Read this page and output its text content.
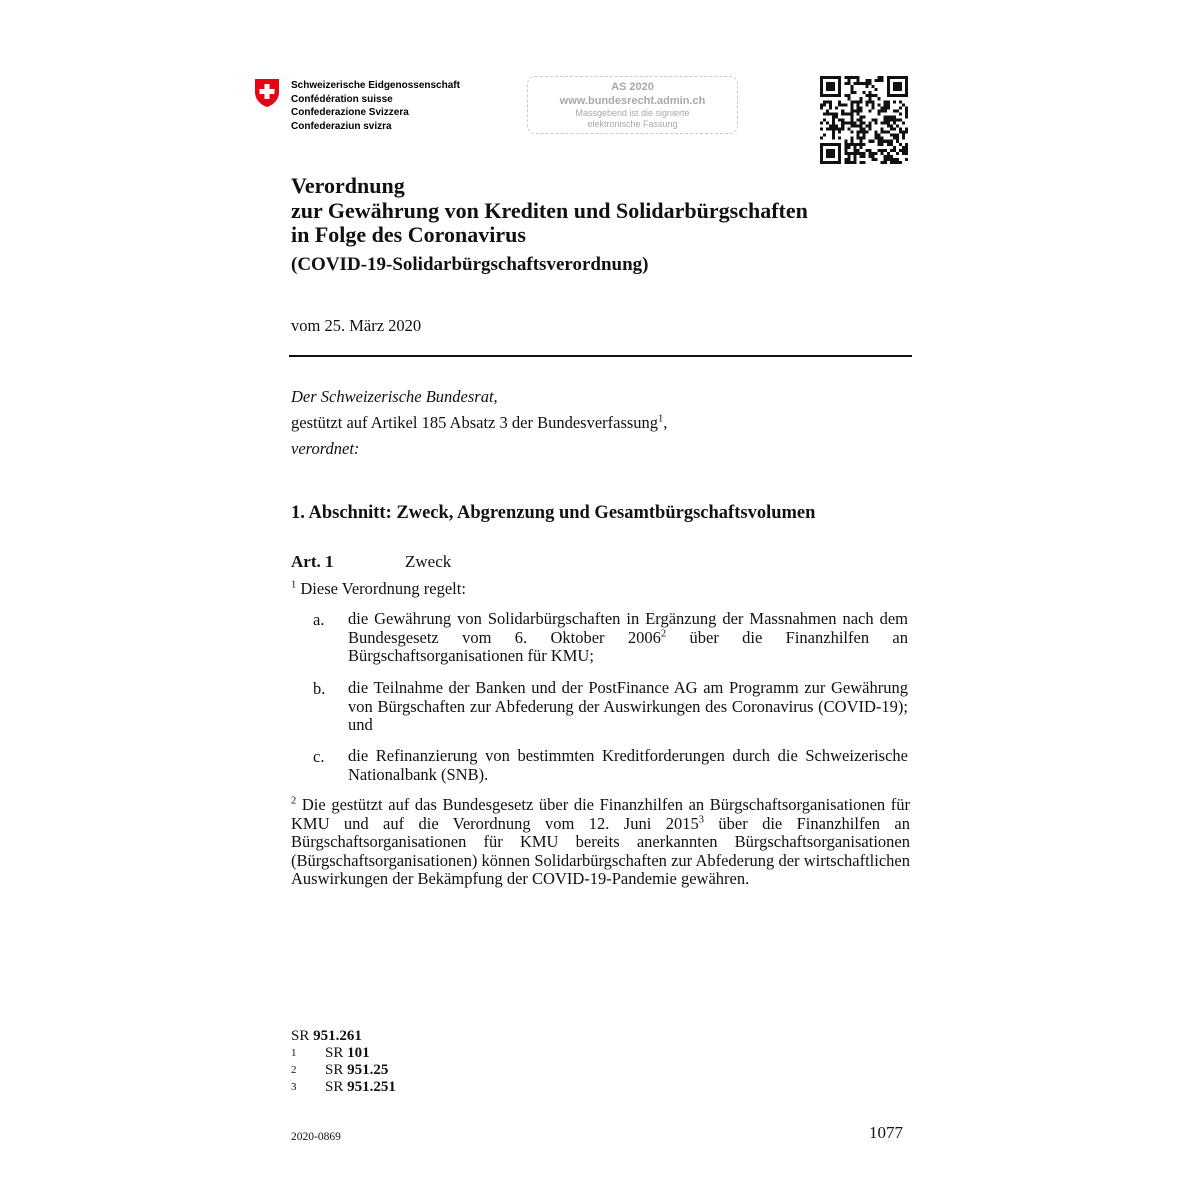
Schweizerische Eidgenossenschaft
Confédération suisse
Confederazione Svizzera
Confederaziun svizra
AS 2020
www.bundesrecht.admin.ch
Massgebend ist die signierte
elektronische Fassung
Verordnung
zur Gewährung von Krediten und Solidarbürgschaften
in Folge des Coronavirus
(COVID-19-Solidarbürgschaftsverordnung)
vom 25. März 2020
Der Schweizerische Bundesrat,
gestützt auf Artikel 185 Absatz 3 der Bundesverfassung$^1$,
verordnet:
1. Abschnitt: Zweck, Abgrenzung und Gesamtbürgschaftsvolumen
Art. 1	Zweck
$^1$ Diese Verordnung regelt:
a. die Gewährung von Solidarbürgschaften in Ergänzung der Massnahmen nach dem Bundesgesetz vom 6. Oktober 2006$^2$ über die Finanzhilfen an Bürgschaftsorganisationen für KMU;
b. die Teilnahme der Banken und der PostFinance AG am Programm zur Gewährung von Bürgschaften zur Abfederung der Auswirkungen des Coronavirus (COVID-19); und
c. die Refinanzierung von bestimmten Kreditforderungen durch die Schweizerische Nationalbank (SNB).
$^2$ Die gestützt auf das Bundesgesetz über die Finanzhilfen an Bürgschaftsorganisationen für KMU und auf die Verordnung vom 12. Juni 2015$^3$ über die Finanzhilfen an Bürgschaftsorganisationen für KMU bereits anerkannten Bürgschaftsorganisationen (Bürgschaftsorganisationen) können Solidarbürgschaften zur Abfederung der wirtschaftlichen Auswirkungen der Bekämpfung der COVID-19-Pandemie gewähren.
SR 951.261
1 SR 101
2 SR 951.25
3 SR 951.251
2020-0869	1077
